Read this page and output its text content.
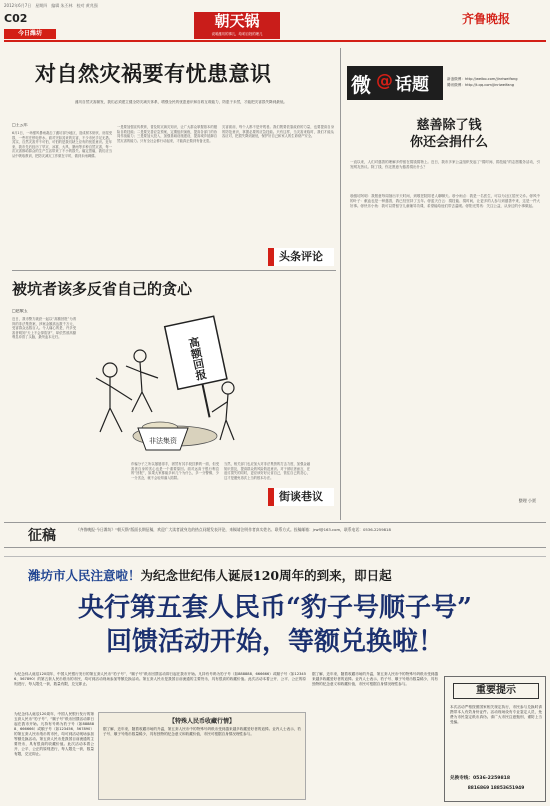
2012年6月7日　星期四　编辑 朱丕林　校对 黄兆强
C02
今日潍坊
朝天锅
说咱潍坊的事儿，给咱百姓的理儿
齐鲁晚报
对自然灾祸要有忧患意识
潍坊自然灾害频发，我们必须建立健全防灾减灾体系，增强全民的忧患意识和自救互救能力，防患于未然，才能把灾害损失降到最低。
□王云年
6月1日，一场强风暴雨袭击了潍坊部分地区，造成树木倒伏、房屋受损，一些村庄停电停水。面对突如其来的灾害，不少市民手足无措。其实，自然灾害并不可怕，可怕的是我们缺乏应有的忧患意识。近年来，我市先后经历了旱灾、冰雹、大风、暴雨等多种自然灾害，每一次灾害都给群众的生产生活带来了不小的损失。痛定思痛，我们应当从中吸取教训，把防灾减灾工作做在平时，做到未雨绸缪。
一是要加强宣传教育，普及防灾减灾知识，让广大群众掌握基本的避险自救技能；二是要完善应急预案，定期组织演练，提高各部门的协同作战能力；三是要加大投入，加强基础设施建设，提高城乡抵御自然灾害的能力。只有全社会都行动起来，才能真正做到有备无患。
灾害面前，每个人都不是旁观者。我们既要依靠政府的力量，也要提高自身的防范意识，掌握必要的应急技能。只有这样，当灾害来临时，我们才能从容应对，把损失降到最低，保护好自己和家人的生命财产安全。
头条评论
被坑者该多反省自己的贪心
□赵敏玉
近日，我市警方破获一起以“高额回报”为诱饵的非法集资案，涉案金额高达数千万元，受害群众达数百人。令人痛心的是，许多受害者明知“天上不会掉馅饼”，却依然被高额利息冲昏了头脑，最终血本无归。
诈骗分子之所以屡屡得手，固然有其手段狡猾的一面，但受害者自身的贪心也是一个重要原因。面对远高于银行利息的“回报”，如果大家都能多问几个为什么，多一分警惕，少一分贪念，就不会轻易落入陷阱。
当然，相关部门也应加大对非法集资的打击力度，加强金融知识普及，提高群众的风险防范意识。对于被坑者而言，在追讨损失的同时，更应该好好反省自己，管住自己的贪心，这才是避免再次上当的根本办法。
高额回报
非法集资
街谈巷议
微 @ 话题	新浪微博：http://weibo.com/jinriweifang
腾讯微博：http://t.qq.com/jinriweifang
慈善除了钱
你还会捐什么
一直以来，人们对慈善的理解多停留在捐钱捐物上。近日，我市多家公益组织发起了“捐时间、捐技能”的志愿服务活动，引发网友热议。除了钱，你还愿意为慈善捐出什么？
@潍坊阿明：我愿意每周抽出半天时间，到敬老院陪老人聊聊天。@小雨点：我是一名医生，可以为社区居民义诊。@风中的叶子：献血也是一种慈善，我已经坚持了五年。@蓝天白云：捐技能、捐时间，让更多的人参与到慈善中来，这是一件大好事。@快乐小鱼：我可以帮留守儿童辅导功课，希望能给他们带去温暖。@阳光男孩：关注公益，从身边的小事做起。
整理 小贾
征稿	《齐鲁晚报·今日潍坊》“朝天锅”版面长期征稿，欢迎广大读者就身边的热点问题发表评论，来稿请注明作者真实姓名、联系方式。投稿邮箱：jrwf@163.com，联系电话：0536-2259818
潍坊市人民注意啦！为纪念世纪伟人诞辰120周年的到来，即日起
央行第五套人民币“豹子号顺子号”
回馈活动开始，等额兑换啦！
为纪念伟人诞辰120周年，中国人民银行发行的第五套人民币“豹子号”、“顺子号”纸币回馈活动即日起在我市开始。凡持有号码为豹子号（如888888、666666）或顺子号（如123456、567890）的第五套人民币纸币的市民，均可到活动现场参加等额兑换活动。第五套人民币是我国目前流通的主要货币，具有很高的收藏价值。此次活动本着公开、公平、公正的原则进行，每人限兑一套，数量有限，兑完即止。
【特殊人民币收藏行情】
据了解，近年来，随着收藏市场的升温，第五套人民币中的特殊号码纸币受到越来越多收藏爱好者的追捧。业内人士表示，豹子号、顺子号纸币数量稀少，具有独特的纪念意义和收藏价值，市民可根据自身情况理性参与。
为纪念伟人诞辰120周年，中国人民银行发行的第五套人民币“豹子号”、“顺子号”纸币回馈活动即日起在我市开始。凡持有号码为豹子号（如888888、666666）或顺子号（如123456、567890）的第五套人民币纸币的市民，均可到活动现场参加等额兑换活动。第五套人民币是我国目前流通的主要货币，具有很高的收藏价值。此次活动本着公开、公平、公正的原则进行，每人限兑一套，数量有限，兑完即止。
重要提示
本次活动严格按照国家相关规定执行，市民参与兑换时请携带本人有效身份证件。活动现场设有专业鉴定人员，免费为市民鉴定纸币真伪。请广大市民注意甄别，谨防上当受骗。
兑换专线：0536-2259818
8816869 18853651949
据了解，近年来，随着收藏市场的升温，第五套人民币中的特殊号码纸币受到越来越多收藏爱好者的追捧。业内人士表示，豹子号、顺子号纸币数量稀少，具有独特的纪念意义和收藏价值，市民可根据自身情况理性参与。
